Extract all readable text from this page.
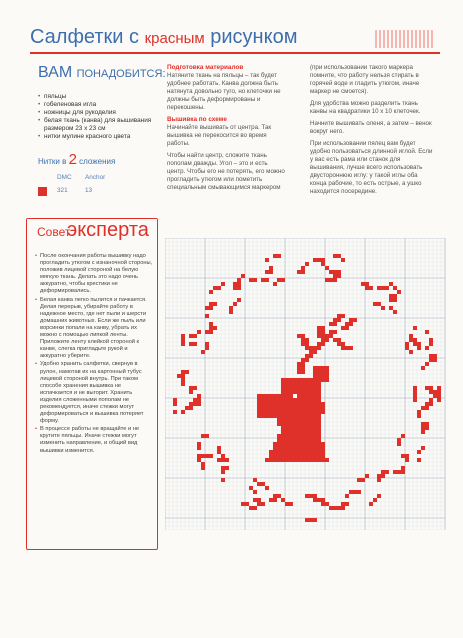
Салфетки с красным рисунком
ВАМ ПОНАДОБИТСЯ:
• пяльцы
• гобеленовая игла
• ножницы для рукоделия
• белая ткань (канва) для вышивания размером 23 х 23 см
• нитки мулине красного цвета
Нитки в 2 сложения
DMC	Anchor
321	13
Подготовка материалов

Натяните ткань на пяльцы – так будет удобнее работать. Канва должна быть натянута довольно туго, но клеточки не должны быть деформированы и перекошены.

Вышивка по схеме

Начинайте вышивать от центра. Так вышивка не перекосится во время работы.

Чтобы найти центр, сложите ткань пополам дважды. Угол – это и есть центр. Чтобы его не потерять, его можно прогладить утюгом или пометить специальным смывающимся маркером

(при использовании такого маркера помните, что работу нельзя стирать в горячей воде и гладить утюгом, иначе маркер не смоется).

Для удобства можно разделить ткань канвы на квадратики 10 х 10 клеточек.

Начните вышивать оленя, а затем – венок вокруг него.

При использовании пялец вам будет удобно пользоваться длинной иглой. Если у вас есть рама или станок для вышивания, лучше всего использовать двустороннюю иглу: у такой иглы оба конца рабочие, то есть острые, а ушко находится посередине.

Совет
эксперта
• После окончания работы вышивку надо прогладить утюгом с изнаночной стороны, положив лицевой стороной на белую мягкую ткань. Делать это надо очень аккуратно, чтобы крестики не деформировались.
• Белая канва легко пылится и пачкается. Делая перерыв, убирайте работу в надежное место, где нет пыли и шерсти домашних животных. Если же пыль или ворсинки попали на канву, убрать их можно с помощью липкой ленты. Приложите ленту клейкой стороной к канве, слегка пригладьте рукой и аккуратно уберите.
• Удобно хранить салфетки, свернув в рулон, намотав их на картонный тубус лицевой стороной внутрь. При таком способе хранения вышивка не испачкается и не выгорит. Хранить изделия сложенными пополам не рекомендуется, иначе стежки могут деформироваться и вышивка потеряет форму.
• В процессе работы не вращайте и не крутите пяльцы. Иначе стежки могут изменить направление, и общий вид вышивки изменится.
